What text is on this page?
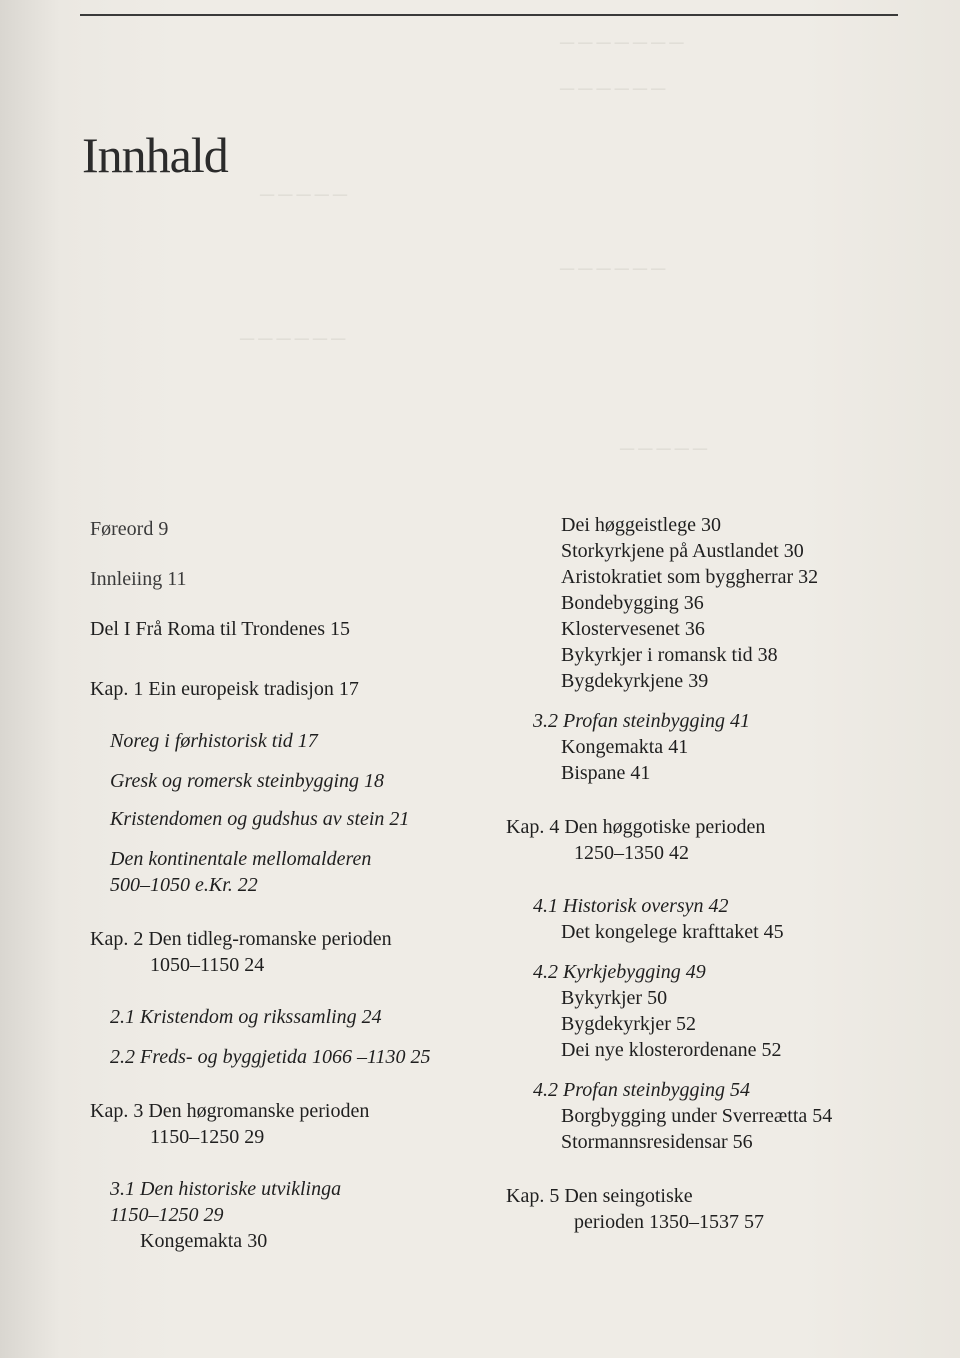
— — — — — — —
— — — — — —
— — — — —
— — — — — —
— — — — — —
— — — — —
Innhald
Føreord 9
Innleiing 11
Del I Frå Roma til Trondenes 15
Kap. 1 Ein europeisk tradisjon 17
Noreg i førhistorisk tid 17
Gresk og romersk steinbygging 18
Kristendomen og gudshus av stein 21
Den kontinentale mellomalderen
500–1050 e.Kr. 22
Kap. 2 Den tidleg-romanske perioden
1050–1150 24
2.1 Kristendom og rikssamling 24
2.2 Freds- og byggjetida 1066 –1130 25
Kap. 3 Den høgromanske perioden
1150–1250 29
3.1 Den historiske utviklinga
1150–1250 29
Kongemakta 30
Dei høggeistlege 30
Storkyrkjene på Austlandet 30
Aristokratiet som byggherrar 32
Bondebygging 36
Klostervesenet 36
Bykyrkjer i romansk tid 38
Bygdekyrkjene 39
3.2 Profan steinbygging 41
Kongemakta 41
Bispane 41
Kap. 4 Den høggotiske perioden
1250–1350 42
4.1 Historisk oversyn 42
Det kongelege krafttaket 45
4.2 Kyrkjebygging 49
Bykyrkjer 50
Bygdekyrkjer 52
Dei nye klosterordenane 52
4.2 Profan steinbygging 54
Borgbygging under Sverreætta 54
Stormannsresidensar 56
Kap. 5 Den seingotiske
perioden 1350–1537 57
